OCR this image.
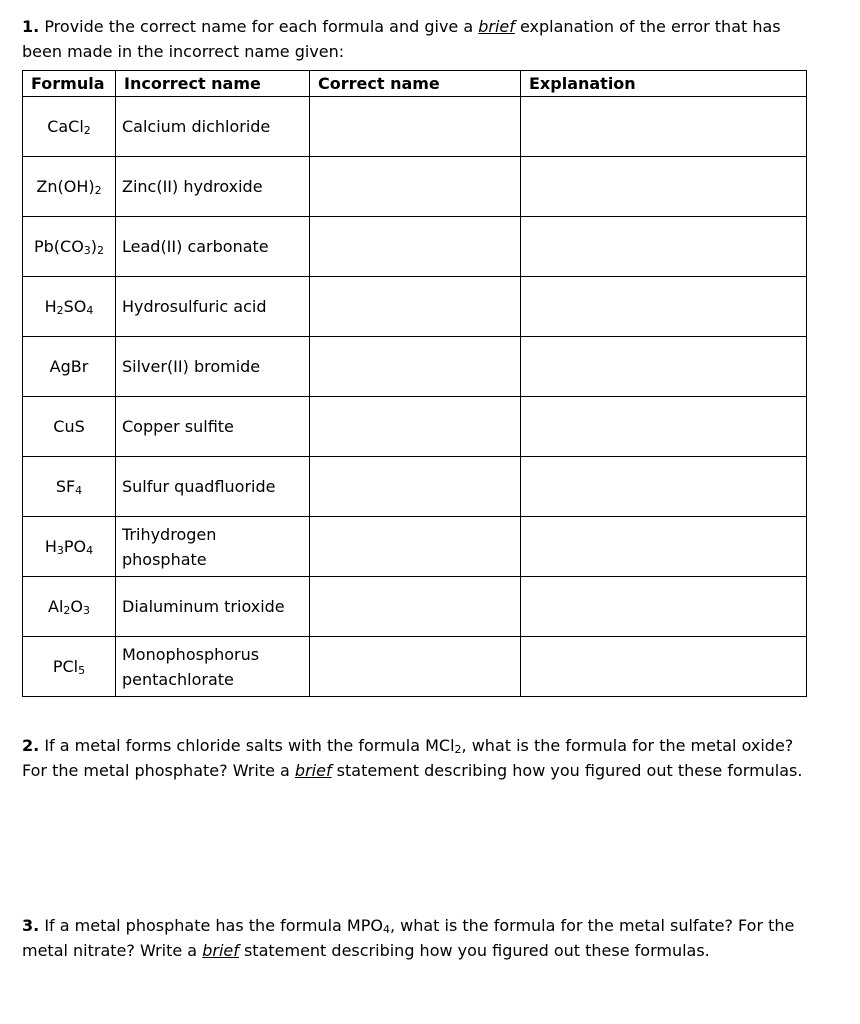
1. Provide the correct name for each formula and give a brief explanation of the error that has been made in the incorrect name given:
Formula	Incorrect name	Correct name	Explanation
CaCl$_2$	Calcium dichloride		
$Zn(OH)_2$	Zinc(II) hydroxide		
$Pb(CO_3)_2$	Lead(II) carbonate		
$H_2SO_4$	Hydrosulfuric acid		
AgBr	Silver(II) bromide		
CuS	Copper sulfite		
$SF_4$	Sulfur quadfluoride		
$H_3PO_4$	Trihydrogen phosphate		
$Al_2O_3$	Dialuminum trioxide		
PCl$_5$	Monophosphorus pentachlorate		
2. If a metal forms chloride salts with the formula MCl$_2$, what is the formula for the metal oxide? For the metal phosphate? Write a brief statement describing how you figured out these formulas.
3. If a metal phosphate has the formula $MPO_4$, what is the formula for the metal sulfate? For the metal nitrate? Write a brief statement describing how you figured out these formulas.
